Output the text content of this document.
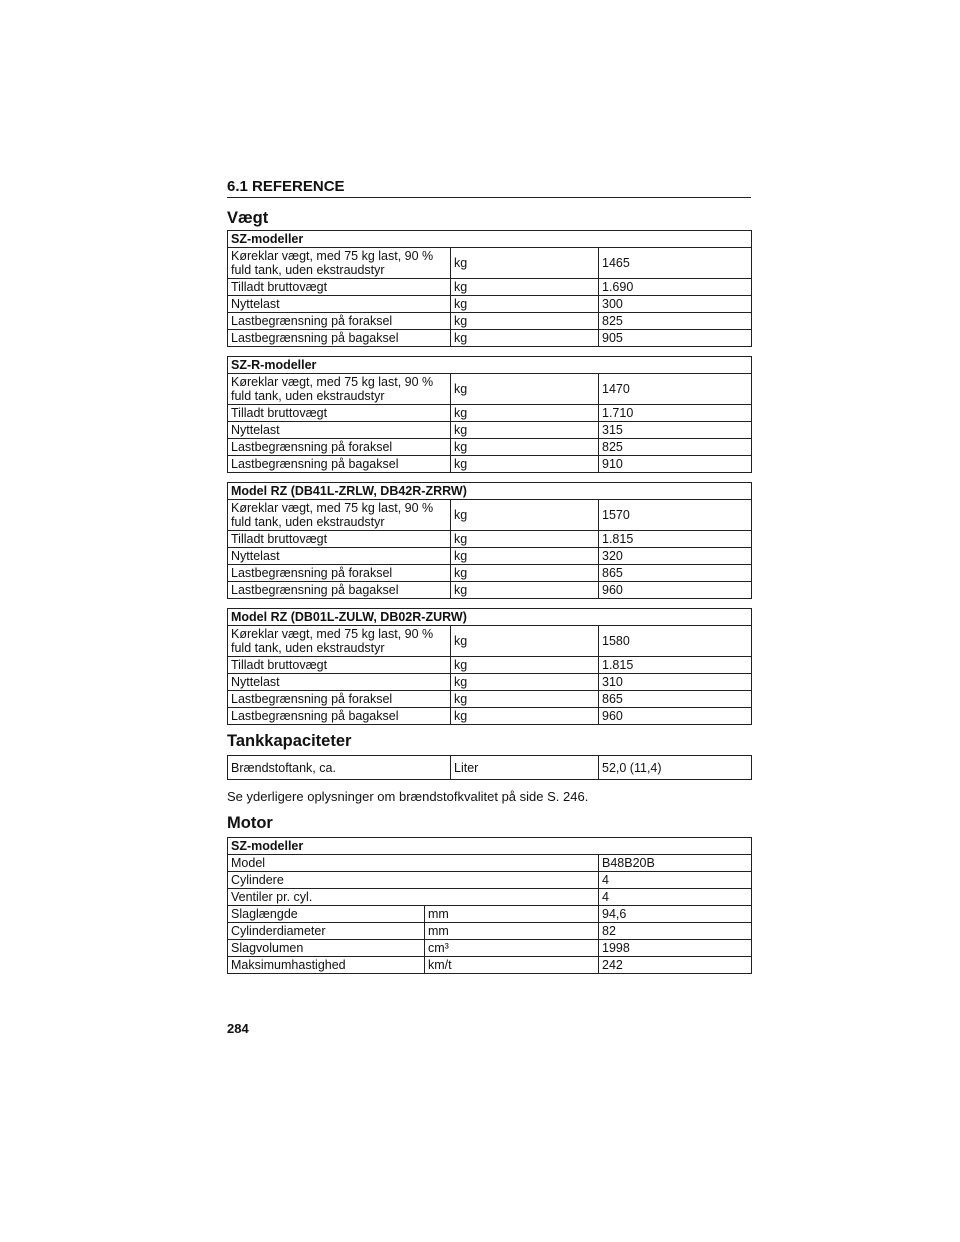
6.1 REFERENCE
Vægt
SZ-modeller		
Køreklar vægt, med 75 kg last, 90 % fuld tank, uden ekstraudstyr	kg	1465
Tilladt bruttovægt	kg	1.690
Nyttelast	kg	300
Lastbegrænsning på foraksel	kg	825
Lastbegrænsning på bagaksel	kg	905
SZ-R-modeller		
Køreklar vægt, med 75 kg last, 90 % fuld tank, uden ekstraudstyr	kg	1470
Tilladt bruttovægt	kg	1.710
Nyttelast	kg	315
Lastbegrænsning på foraksel	kg	825
Lastbegrænsning på bagaksel	kg	910
Model RZ (DB41L-ZRLW, DB42R-ZRRW)		
Køreklar vægt, med 75 kg last, 90 % fuld tank, uden ekstraudstyr	kg	1570
Tilladt bruttovægt	kg	1.815
Nyttelast	kg	320
Lastbegrænsning på foraksel	kg	865
Lastbegrænsning på bagaksel	kg	960
Model RZ (DB01L-ZULW, DB02R-ZURW)		
Køreklar vægt, med 75 kg last, 90 % fuld tank, uden ekstraudstyr	kg	1580
Tilladt bruttovægt	kg	1.815
Nyttelast	kg	310
Lastbegrænsning på foraksel	kg	865
Lastbegrænsning på bagaksel	kg	960
Tankkapaciteter
Brændstoftank, ca.	Liter	52,0 (11,4)
Se yderligere oplysninger om brændstofkvalitet på side S. 246.
Motor
SZ-modeller		
Model		B48B20B
Cylindere		4
Ventiler pr. cyl.		4
Slaglængde	mm	94,6
Cylinderdiameter	mm	82
Slagvolumen	cm³	1998
Maksimumhastighed	km/t	242
284
